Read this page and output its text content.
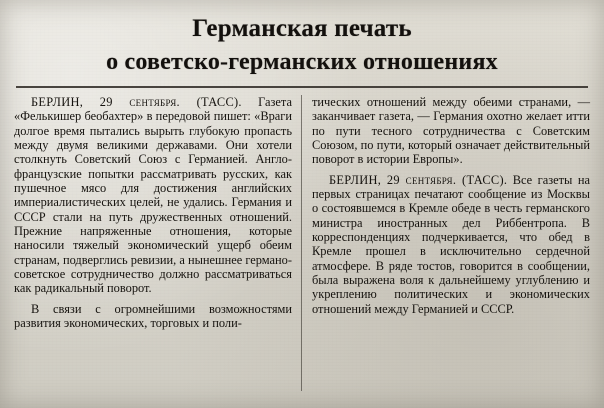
Германская печать
о советско-германских отношениях

БЕРЛИН, 29 сентября. (ТАСС). Газета «Фелькишер беобахтер» в передовой пишет: «Враги долгое время пытались вырыть глубокую пропасть между двумя великими державами. Они хотели столкнуть Советский Союз с Германией. Англо-французские попытки рассматривать русских, как пушечное мясо для достижения английских империалистических целей, не удались. Германия и СССР стали на путь дружественных отношений. Прежние напряженные отношения, которые наносили тяжелый экономический ущерб обеим странам, подверглись ревизии, а нынешнее германо-советское сотрудничество должно рассматриваться как радикальный поворот.

В связи с огромнейшими возможностями развития экономических, торговых и поли-

тических отношений между обеими странами, — заканчивает газета, — Германия охотно желает итти по пути тесного сотрудничества с Советским Союзом, по пути, который означает действительный поворот в истории Европы».

БЕРЛИН, 29 сентября. (ТАСС). Все газеты на первых страницах печатают сообщение из Москвы о состоявшемся в Кремле обеде в честь германского министра иностранных дел Риббентропа. В корреспонденциях подчеркивается, что обед в Кремле прошел в исключительно сердечной атмосфере. В ряде тостов, говорится в сообщении, была выражена воля к дальнейшему углублению и укреплению политических и экономических отношений между Германией и СССР.
